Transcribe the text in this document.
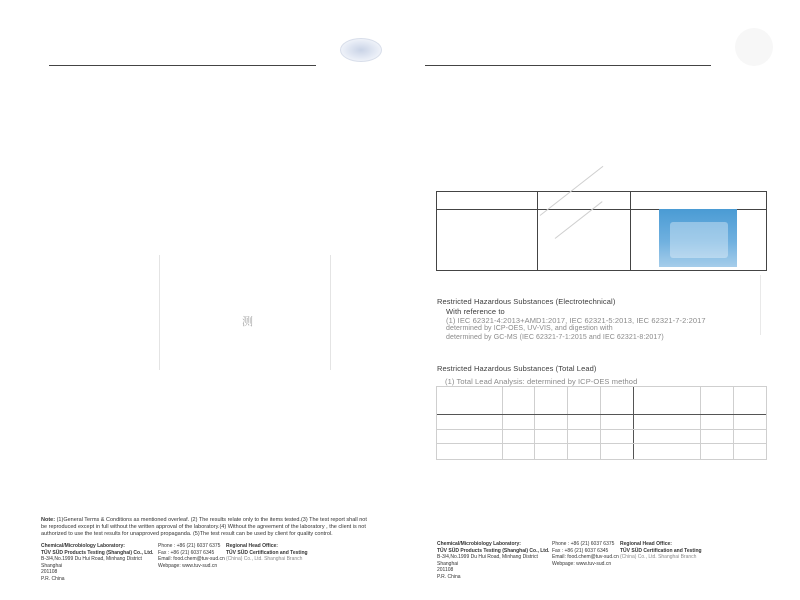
测
Note: (1)General Terms & Conditions as mentioned overleaf. (2) The results relate only to the items tested.(3) The test report shall not be reproduced except in full without the written approval of the laboratory.(4) Without the agreement of the laboratory , the client is not authorized to use the test results for unapproved propaganda. (5)The test result can be used by client for quality control.
Chemical/Microbiology Laboratory:
TÜV SÜD Products Testing (Shanghai) Co., Ltd.
B-3/4,No.1999 Du Hui Road, Minhang District
Shanghai
201108
P.R. China
Phone : +86 (21) 6037 6375
Fax : +86 (21) 6037 6345
Email: food.chem@tuv-sud.cn
Webpage: www.tuv-sud.cn
Regional Head Office:
TÜV SÜD Certification and Testing
(China) Co., Ltd. Shanghai Branch
Restricted Hazardous Substances (Electrotechnical)
With reference to
(1) IEC 62321-4:2013+AMD1:2017, IEC 62321-5:2013, IEC 62321-7-2:2017
determined by ICP-OES, UV-VIS, and digestion with
determined by GC-MS (IEC 62321-7-1:2015 and IEC 62321-8:2017)
Restricted Hazardous Substances (Total Lead)
(1) Total Lead Analysis: determined by ICP-OES method
Chemical/Microbiology Laboratory:
TÜV SÜD Products Testing (Shanghai) Co., Ltd.
B-3/4,No.1999 Du Hui Road, Minhang District
Shanghai
201108
P.R. China
Phone : +86 (21) 6037 6375
Fax : +86 (21) 6037 6345
Email: food.chem@tuv-sud.cn
Webpage: www.tuv-sud.cn
Regional Head Office:
TÜV SÜD Certification and Testing
(China) Co., Ltd. Shanghai Branch
